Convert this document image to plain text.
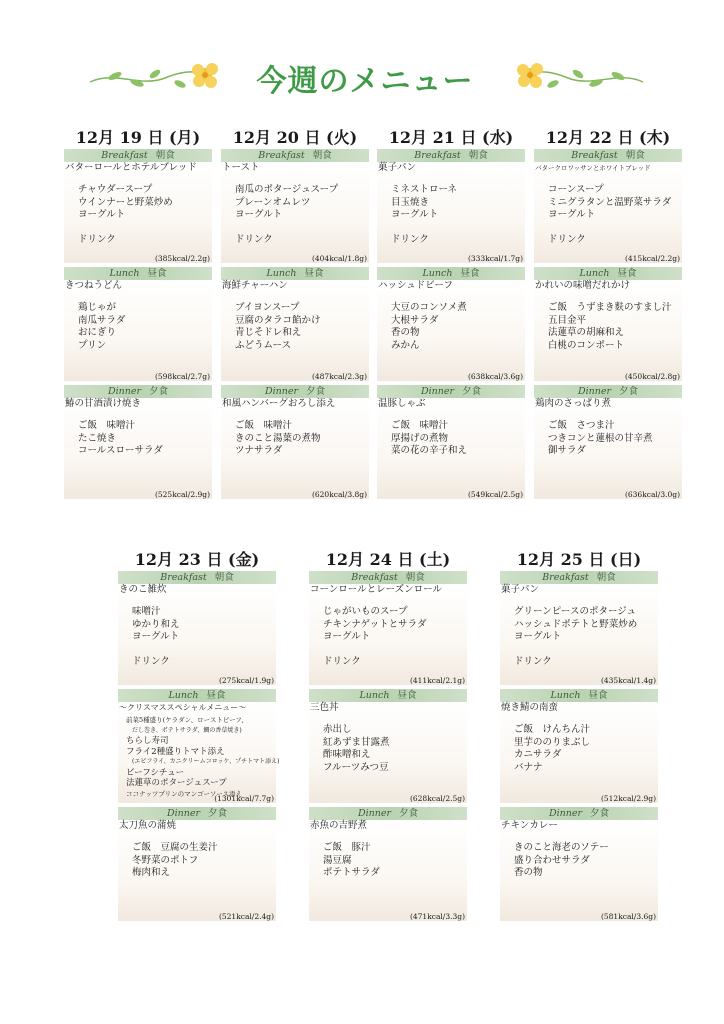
今週のメニュー
12月 19 日 (月)
Breakfast 朝食
バターロールとホテルブレッド
チャウダースープ
ウインナーと野菜炒め
ヨーグルト
ドリンク
(385kcal/2.2g)
Lunch 昼食
きつねうどん
鶏じゃが
南瓜サラダ
おにぎり
プリン
(598kcal/2.7g)
Dinner 夕食
鰆の甘酒漬け焼き
ご飯　味噌汁
たこ焼き
コールスローサラダ
(525kcal/2.9g)
12月 20 日 (火)
Breakfast 朝食
トースト
南瓜のポタージュスープ
プレーンオムレツ
ヨーグルト
ドリンク
(404kcal/1.8g)
Lunch 昼食
海鮮チャーハン
ブイヨンスープ
豆腐のタラコ餡かけ
青じそドレ和え
ふどうムース
(487kcal/2.3g)
Dinner 夕食
和風ハンバーグおろし添え
ご飯　味噌汁
きのこと湯葉の煮物
ツナサラダ
(620kcal/3.8g)
12月 21 日 (水)
Breakfast 朝食
菓子パン
ミネストローネ
目玉焼き
ヨーグルト
ドリンク
(333kcal/1.7g)
Lunch 昼食
ハッシュドビーフ
大豆のコンソメ煮
大根サラダ
香の物
みかん
(638kcal/3.6g)
Dinner 夕食
温豚しゃぶ
ご飯　味噌汁
厚揚げの煮物
菜の花の辛子和え
(549kcal/2.5g)
12月 22 日 (木)
Breakfast 朝食
バタークロワッサンとホワイトブレッド
コーンスープ
ミニグラタンと温野菜サラダ
ヨーグルト
ドリンク
(415kcal/2.2g)
Lunch 昼食
かれいの味噌だれかけ
ご飯　うずまき麩のすまし汁
五目金平
法蓮草の胡麻和え
白桃のコンポート
(450kcal/2.8g)
Dinner 夕食
鶏肉のさっぱり煮
ご飯　さつま汁
つきコンと蓮根の甘辛煮
御サラダ
(636kcal/3.0g)
12月 23 日 (金)
Breakfast 朝食
きのこ雑炊
味噌汁
ゆかり和え
ヨーグルト
ドリンク
(275kcal/1.9g)
Lunch 昼食
～クリスマススペシャルメニュー～
前菜5種盛り(ケラダン、ローストビーフ、
だし巻き、ポテトサラダ、鯛の香草焼き)
ちらし寿司
フライ2種盛りトマト添え
(エビフライ、カニクリームコロッケ、プチトマト添え)
ビーフシチュー
法蓮草のポタージュスープ
ココナッツプリンのマンゴーソース添え
(1301kcal/7.7g)
Dinner 夕食
太刀魚の蒲焼
ご飯　豆腐の生姜汁
冬野菜のポトフ
梅肉和え
(521kcal/2.4g)
12月 24 日 (土)
Breakfast 朝食
コーンロールとレーズンロール
じゃがいものスープ
チキンナゲットとサラダ
ヨーグルト
ドリンク
(411kcal/2.1g)
Lunch 昼食
三色丼
赤出し
紅あずま甘露煮
酢味噌和え
フルーツみつ豆
(628kcal/2.5g)
Dinner 夕食
赤魚の吉野煮
ご飯　豚汁
湯豆腐
ポテトサラダ
(471kcal/3.3g)
12月 25 日 (日)
Breakfast 朝食
菓子パン
グリーンピースのポタージュ
ハッシュドポテトと野菜炒め
ヨーグルト
ドリンク
(435kcal/1.4g)
Lunch 昼食
焼き鯖の南蛮
ご飯　けんちん汁
里芋ののりまぶし
カニサラダ
バナナ
(512kcal/2.9g)
Dinner 夕食
チキンカレー
きのこと海老のソテー
盛り合わせサラダ
香の物
(581kcal/3.6g)
